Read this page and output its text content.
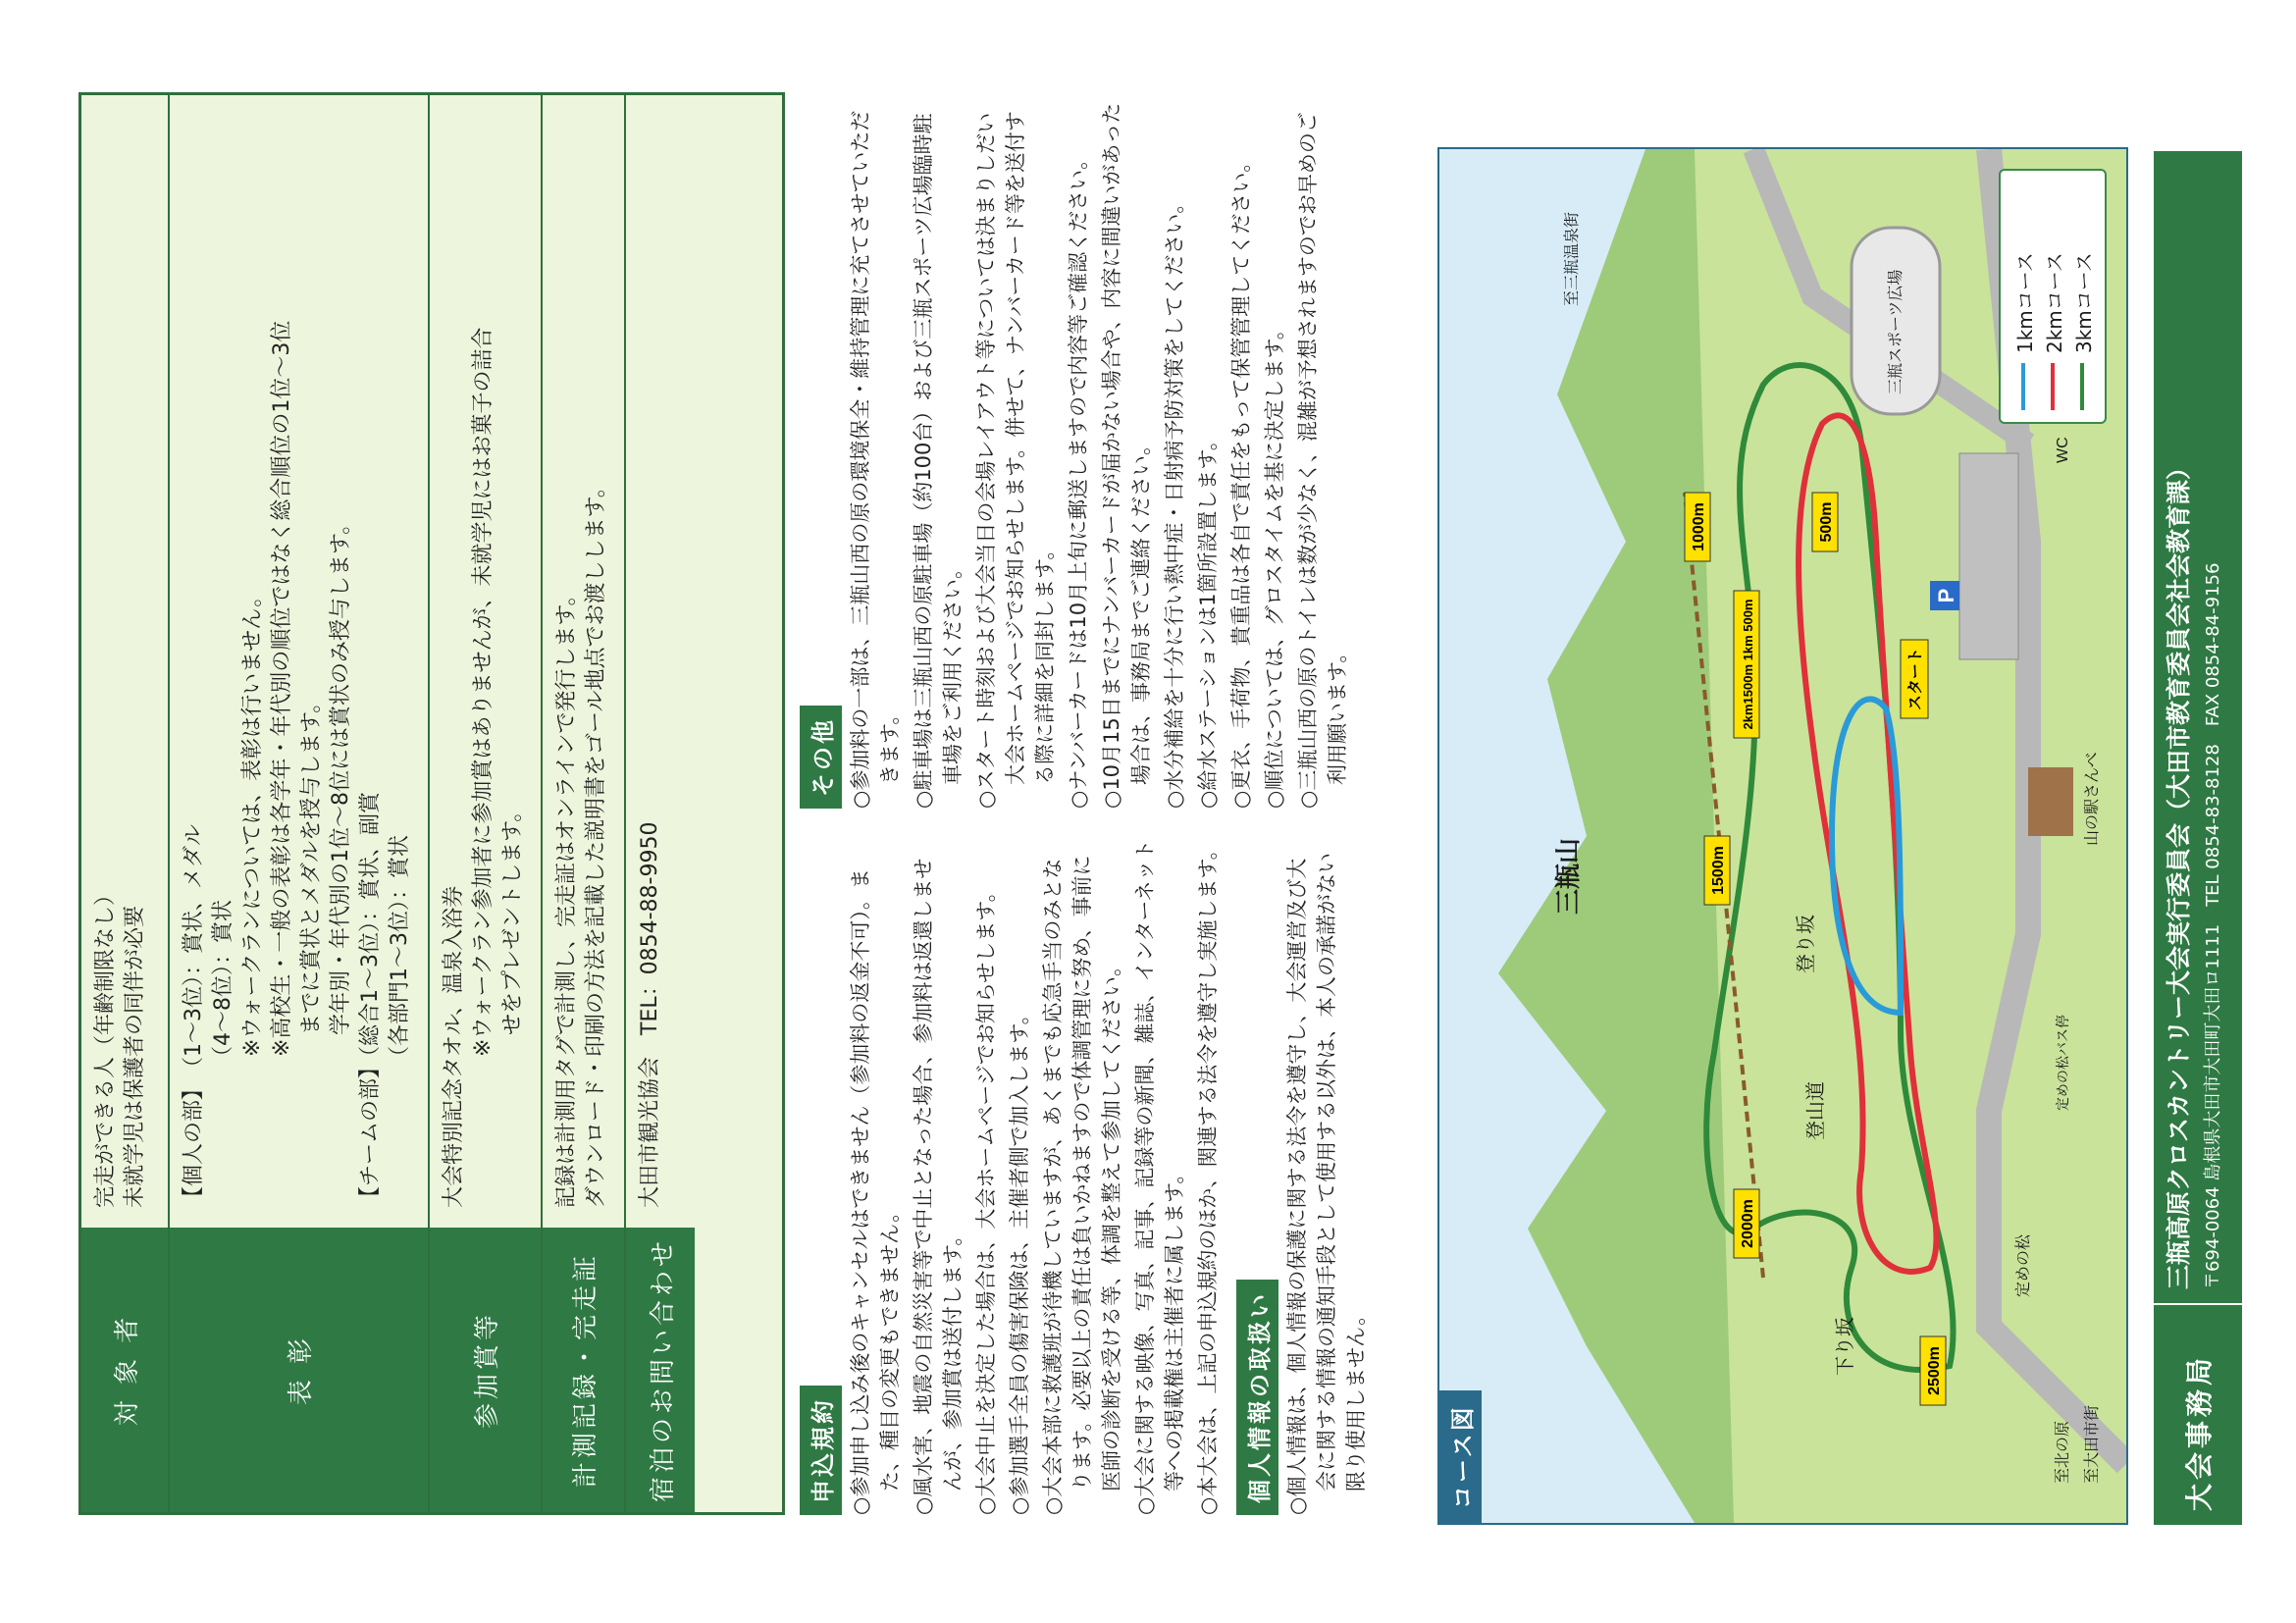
対 象 者
完走ができる人（年齢制限なし） 未就学児は保護者の同伴が必要
表 彰
【個人の部】　（1〜3位）：賞状、メダル 　　　　　　　（4〜8位）：賞状 　　　　　　　※ウォークランについては、表彰は行いません。 　　　　　　　※高校生・一般の表彰は各学年・年代別の順位ではなく総合順位の1位〜3位 　　　　　　　　までに賞状とメダルを授与します。 　　　　　　　　学年別・年代別の1位〜8位には賞状のみ授与します。 【チームの部】（総合1〜3位）：賞状、副賞 　　　　　　　（各部門1〜3位）：賞状
参加賞等
大会特別記念タオル、温泉入浴券 　　　　　　　※ウォークラン参加者に参加賞はありませんが、未就学児にはお菓子の詰合 　　　　　　　　せをプレゼントします。
計測記録・完走証
記録は計測用タグで計測し、完走証はオンラインで発行します。 ダウンロード・印刷の方法を記載した説明書をゴール地点でお渡しします。
宿泊のお問い合わせ
大田市観光協会　TEL：0854-88-9950
申込規約 ○参加申し込み後のキャンセルはできません（参加料の返金不可）。また、種目の変更もできません。 ○風水害、地震の自然災害等で中止となった場合、参加料は返還しませんが、参加賞は送付します。 ○大会中止を決定した場合は、大会ホームページでお知らせします。 ○参加選手全員の傷害保険は、主催者側で加入します。 ○大会本部に救護班が待機していますが、あくまでも応急手当のみとなります。必要以上の責任は負いかねますので体調管理に努め、事前に医師の診断を受ける等、体調を整えて参加してください。 ○大会に関する映像、写真、記事、記録等の新聞、雑誌、インターネット等への掲載権は主催者に属します。 ○本大会は、上記の申込規約のほか、関連する法令を遵守し実施します。 個人情報の取扱い ○個人情報は、個人情報の保護に関する法令を遵守し、大会運営及び大会に関する情報の通知手段として使用する以外は、本人の承諾がない限り使用しません。
その他 ○参加料の一部は、三瓶山西の原の環境保全・維持管理に充てさせていただきます。 ○駐車場は三瓶山西の原駐車場（約100台）および三瓶スポーツ広場臨時駐車場をご利用ください。 ○スタート時刻および大会当日の会場レイアウト等については決まりしだい大会ホームページでお知らせします。併せて、ナンバーカード等を送付する際に詳細を同封します。 ○ナンバーカードは10月上旬に郵送しますので内容等ご確認ください。 ○10月15日までにナンバーカードが届かない場合や、内容に間違いがあった場合は、事務局までご連絡ください。 ○水分補給を十分に行い熱中症・日射病予防対策をしてください。 ○給水ステーションは1箇所設置します。 ○更衣、手荷物、貴重品は各自で責任をもって保管管理してください。 ○順位については、グロスタイムを基に決定します。 ○三瓶山西の原のトイレは数が少なく、混雑が予想されますのでお早めのご利用願います。
P
1000m
1500m
2000m
2500m
500m
2km1500m 1km 500m	スタート
三瓶山
登り坂
下り坂
登山道
三瓶スポーツ広場
至三瓶温泉街
至北の原 至大田市街
山の駅さんべ
定めの松
定めの松バス停
WC
コース図
1kmコース 2kmコース 3kmコース
大会事務局
三瓶高原クロスカントリー大会実行委員会（大田市教育委員会社会教育課） 〒694-0064 島根県大田市大田町大田ロ1111　TEL 0854-83-8128　FAX 0854-84-9156
